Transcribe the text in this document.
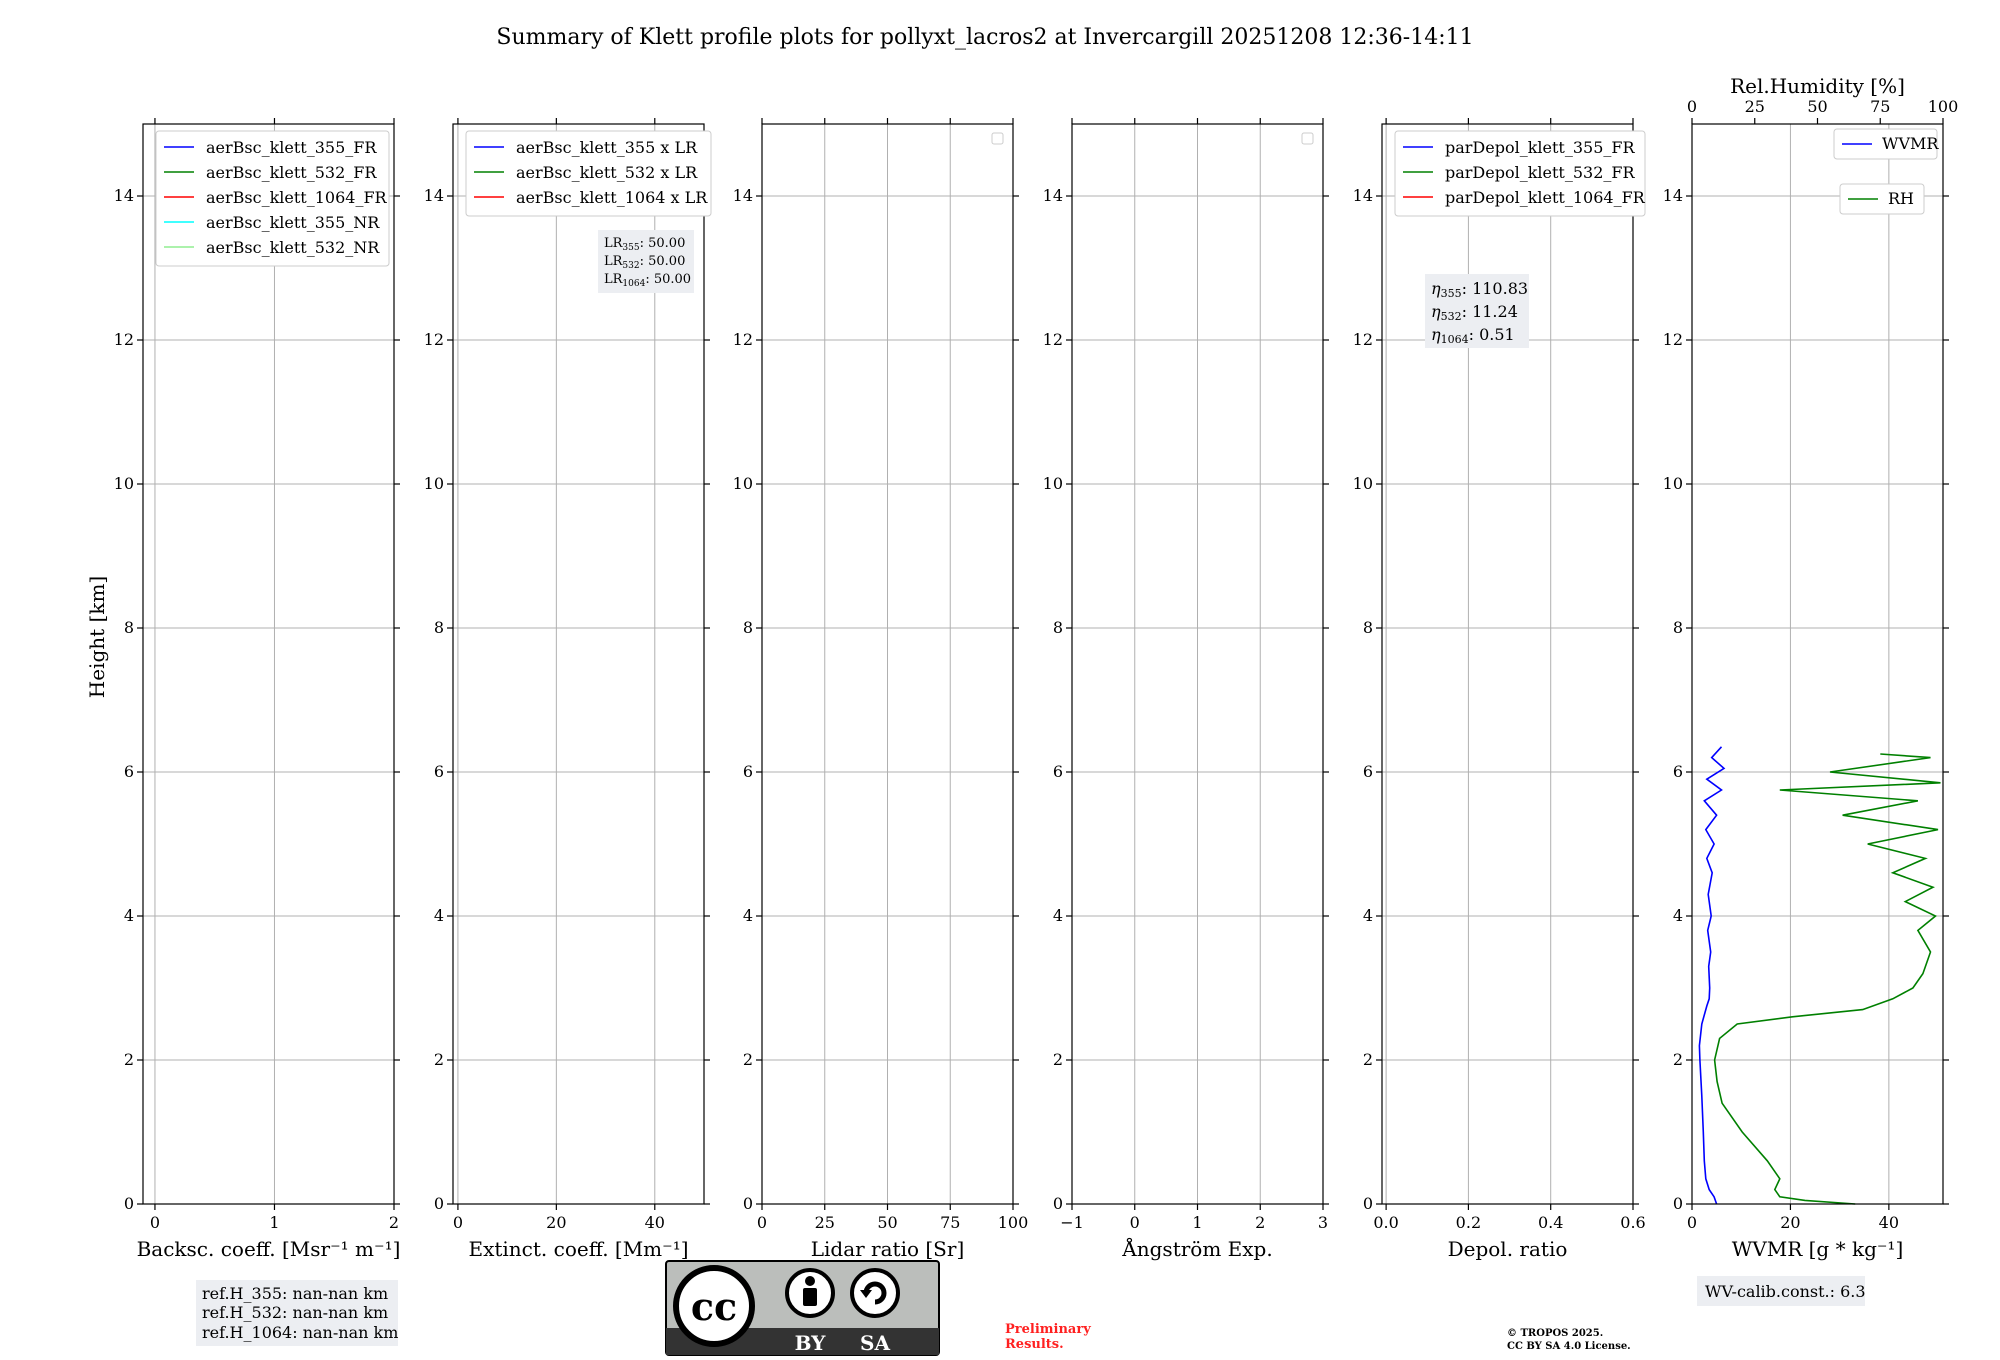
Summary of Klett profile plots for pollyxt_lacros2 at Invercargill 20251208 12:36-14:11
Height [km]
0
2
4
6
8
10
12
14
0	1	2
Backsc. coeff. [Msr⁻¹ m⁻¹]
aerBsc_klett_355_FR
aerBsc_klett_532_FR
aerBsc_klett_1064_FR
aerBsc_klett_355_NR
aerBsc_klett_532_NR
0
2
4
6
8
10
12
14
0	20	40
Extinct. coeff. [Mm⁻¹]
aerBsc_klett_355 x LR
aerBsc_klett_532 x LR
aerBsc_klett_1064 x LR
0
2
4
6
8
10
12
14
0	25	50	75 100
Lidar ratio [Sr]
0
2
4
6
8
10
12
14
−1	0	1	2	3
Ångström Exp.
0
2
4
6
8
10
12
14
0.0	0.2	0.4	0.6
Depol. ratio
parDepol_klett_355_FR
parDepol_klett_532_FR
parDepol_klett_1064_FR
0
2
4
6
8
10
12
14
0	20	40
0	25	50	75 100
Rel.Humidity [%]
WVMR [g * kg⁻¹]
WVMR
RH
$LR_{355}$: 50.00
$LR_{532}$: 50.00
$LR_{1064}$: 50.00	η355: 110.83
η532: 11.24
η1064: 0.51
ref.H_355: nan-nan km
ref.H_532: nan-nan km
ref.H_1064: nan-nan km
WV-calib.const.: 6.3
cc
BY SA
Preliminary
Results.
© TROPOS 2025.
CC BY SA 4.0 License.
